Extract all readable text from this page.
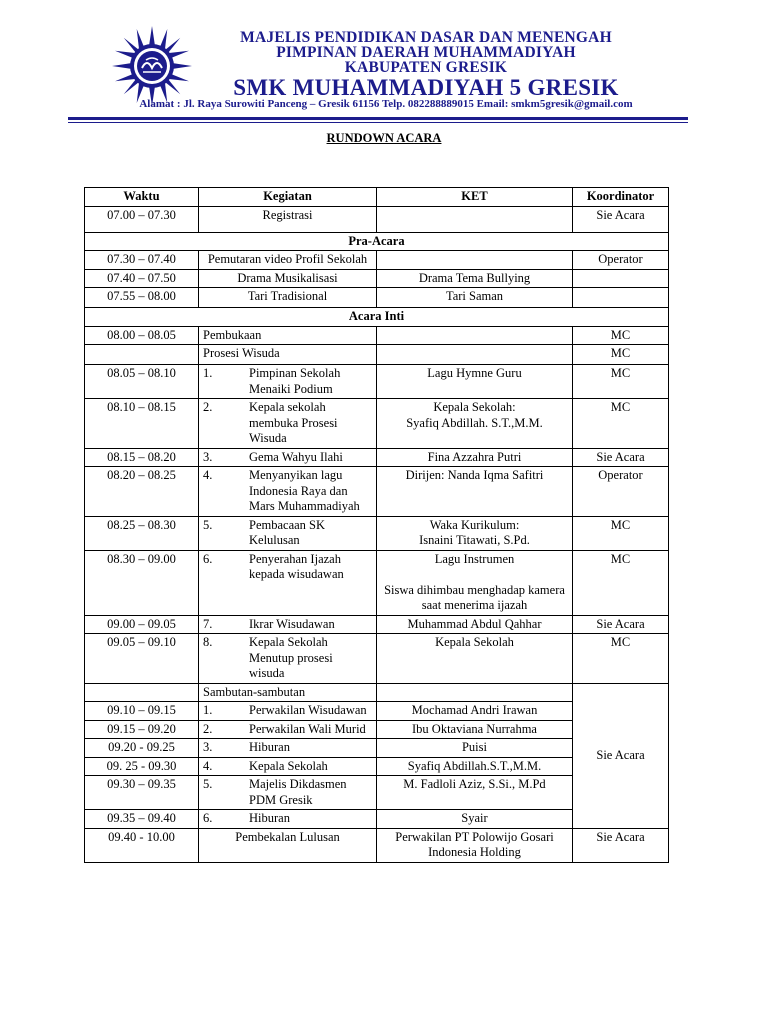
MAJELIS PENDIDIKAN DASAR DAN MENENGAH
PIMPINAN DAERAH MUHAMMADIYAH
KABUPATEN GRESIK
SMK MUHAMMADIYAH 5 GRESIK
Alamat : Jl. Raya Surowiti Panceng – Gresik 61156 Telp. 082288889015 Email: smkm5gresik@gmail.com
RUNDOWN ACARA
Waktu	Kegiatan	KET	Koordinator
07.00 – 07.30	Registrasi		Sie Acara
Pra-Acara			
07.30 – 07.40	Pemutaran video Profil Sekolah		Operator
07.40 – 07.50	Drama Musikalisasi	Drama Tema Bullying	
07.55 – 08.00	Tari Tradisional	Tari Saman	
Acara Inti			
08.00 – 08.05	Pembukaan		MC
	Prosesi Wisuda		MC
08.05 – 08.10	1. Pimpinan Sekolah Menaiki Podium	Lagu Hymne Guru	MC
08.10 – 08.15	2. Kepala sekolah membuka Prosesi Wisuda	Kepala Sekolah:
Syafiq Abdillah. S.T.,M.M.	MC
08.15 – 08.20	3. Gema Wahyu Ilahi	Fina Azzahra Putri	Sie Acara
08.20 – 08.25	4. Menyanyikan lagu Indonesia Raya dan Mars Muhammadiyah	Dirijen: Nanda Iqma Safitri	Operator
08.25 – 08.30	5. Pembacaan SK Kelulusan	Waka Kurikulum:
Isnaini Titawati, S.Pd.	MC
08.30 – 09.00	6. Penyerahan Ijazah kepada wisudawan	Lagu Instrumen

Siswa dihimbau menghadap kamera saat menerima ijazah	MC
09.00 – 09.05	7. Ikrar Wisudawan	Muhammad Abdul Qahhar	Sie Acara
09.05 – 09.10	8. Kepala Sekolah Menutup prosesi wisuda	Kepala Sekolah	MC
	Sambutan-sambutan		Sie Acara
09.10 – 09.15	1. Perwakilan Wisudawan	Mochamad Andri Irawan	
09.15 – 09.20	2. Perwakilan Wali Murid	Ibu Oktaviana Nurrahma	
09.20 - 09.25	3. Hiburan	Puisi	
09. 25 - 09.30	4. Kepala Sekolah	Syafiq Abdillah.S.T.,M.M.	
09.30 – 09.35	5. Majelis Dikdasmen PDM Gresik	M. Fadloli Aziz, S.Si., M.Pd	
09.35 – 09.40	6. Hiburan	Syair	
09.40 - 10.00	Pembekalan Lulusan	Perwakilan PT Polowijo Gosari Indonesia Holding	Sie Acara
